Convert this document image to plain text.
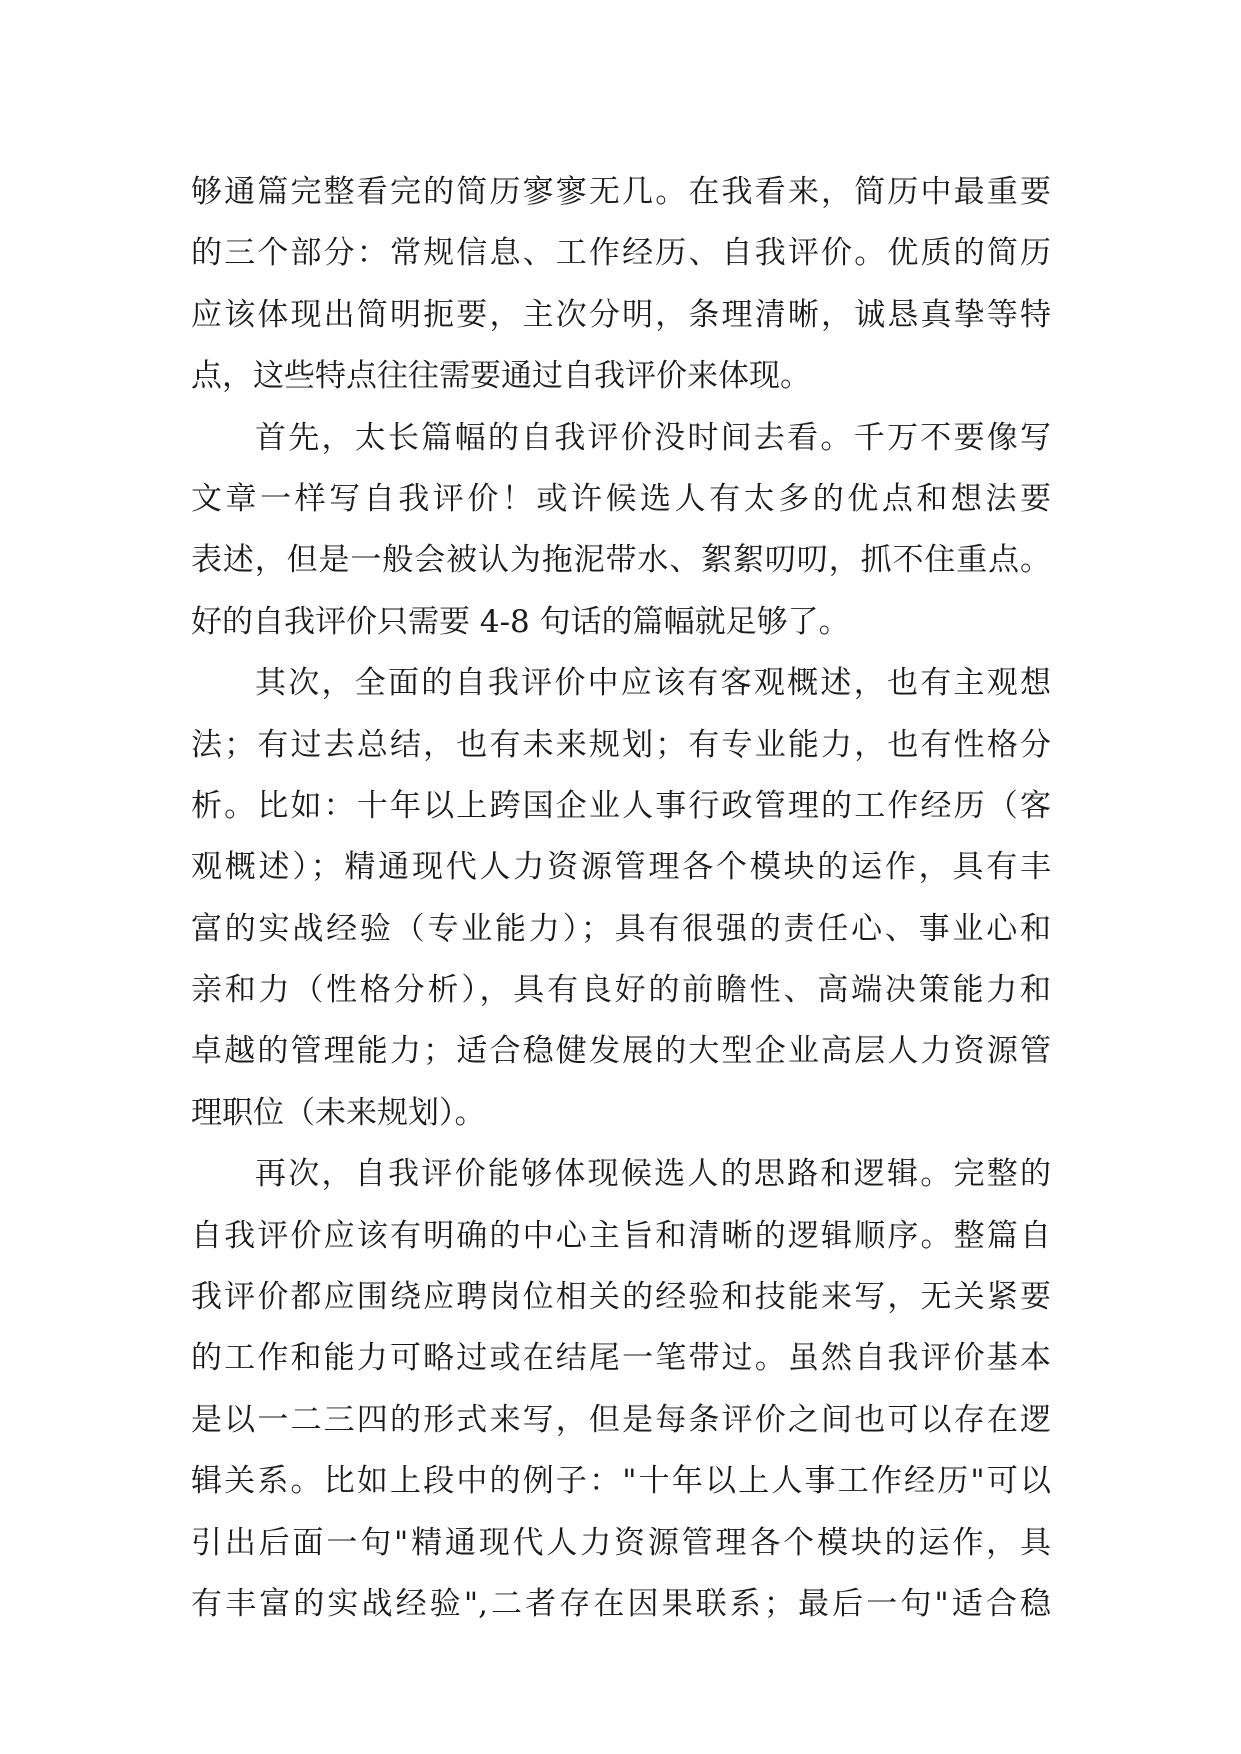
够通篇完整看完的简历寥寥无几。在我看来，简历中最重要
的三个部分：常规信息、工作经历、自我评价。优质的简历
应该体现出简明扼要，主次分明，条理清晰，诚恳真挚等特
点，这些特点往往需要通过自我评价来体现。
首先，太长篇幅的自我评价没时间去看。千万不要像写
文章一样写自我评价！或许候选人有太多的优点和想法要
表述，但是一般会被认为拖泥带水、絮絮叨叨，抓不住重点。
好的自我评价只需要 4-8 句话的篇幅就足够了。
其次，全面的自我评价中应该有客观概述，也有主观想
法；有过去总结，也有未来规划；有专业能力，也有性格分
析。比如：十年以上跨国企业人事行政管理的工作经历（客
观概述）；精通现代人力资源管理各个模块的运作，具有丰
富的实战经验（专业能力）；具有很强的责任心、事业心和
亲和力（性格分析），具有良好的前瞻性、高端决策能力和
卓越的管理能力；适合稳健发展的大型企业高层人力资源管
理职位（未来规划）。
再次，自我评价能够体现候选人的思路和逻辑。完整的
自我评价应该有明确的中心主旨和清晰的逻辑顺序。整篇自
我评价都应围绕应聘岗位相关的经验和技能来写，无关紧要
的工作和能力可略过或在结尾一笔带过。虽然自我评价基本
是以一二三四的形式来写，但是每条评价之间也可以存在逻
辑关系。比如上段中的例子："十年以上人事工作经历"可以
引出后面一句"精通现代人力资源管理各个模块的运作，具
有丰富的实战经验",二者存在因果联系；最后一句"适合稳
